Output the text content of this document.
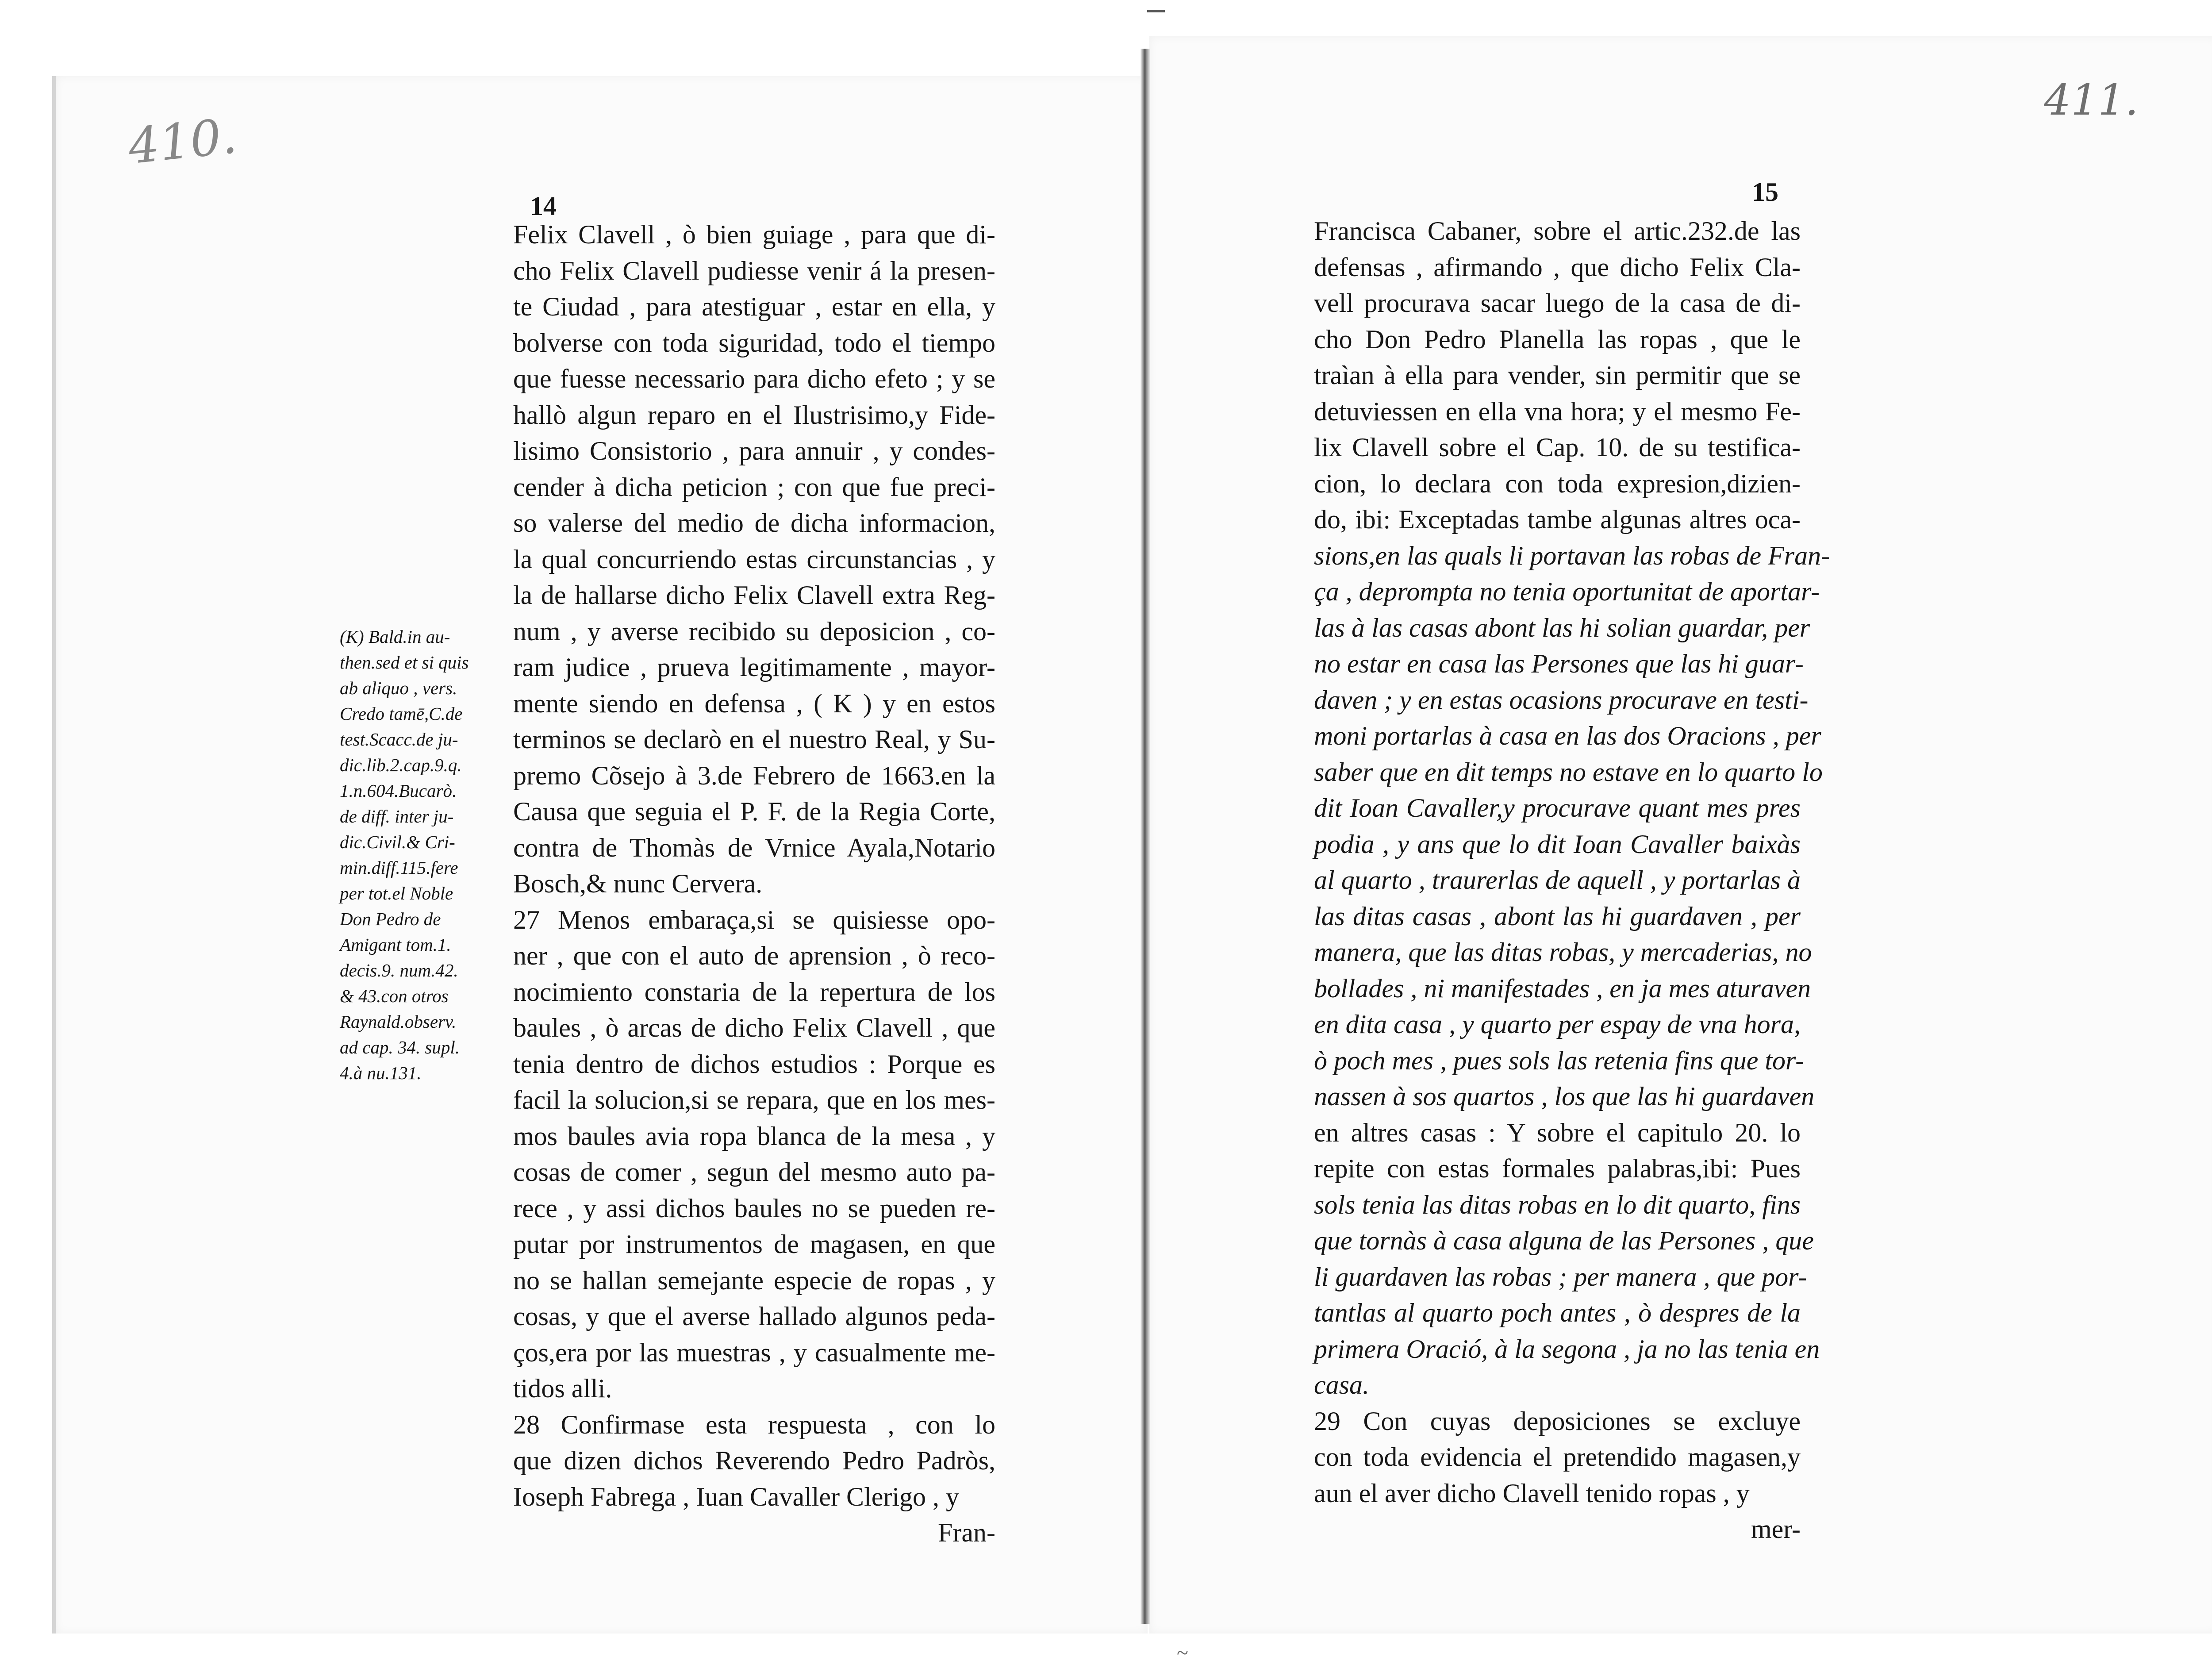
~
410.
411.
14	15
Felix Clavell , ò bien guiage , para que di-
cho Felix Clavell pudiesse venir á la presen-
te Ciudad , para atestiguar , estar en ella, y
bolverse con toda siguridad, todo el tiempo
que fuesse necessario para dicho efeto ; y se
hallò algun reparo en el Ilustrisimo,y Fide-
lisimo Consistorio , para annuir , y condes-
cender à dicha peticion ; con que fue preci-
so valerse del medio de dicha informacion,
la qual concurriendo estas circunstancias , y
la de hallarse dicho Felix Clavell extra Reg-
num , y averse recibido su deposicion , co-
ram judice , prueva legitimamente , mayor-
mente siendo en defensa , ( K ) y en estos
terminos se declarò en el nuestro Real, y Su-
premo Cõsejo à 3.de Febrero de 1663.en la
Causa que seguia el P. F. de la Regia Corte,
contra de Thomàs de Vrnice Ayala,Notario
Bosch,& nunc Cervera.
27 Menos embaraça,si se quisiesse opo-
ner , que con el auto de aprension , ò reco-
nocimiento constaria de la repertura de los
baules , ò arcas de dicho Felix Clavell , que
tenia dentro de dichos estudios : Porque es
facil la solucion,si se repara, que en los mes-
mos baules avia ropa blanca de la mesa , y
cosas de comer , segun del mesmo auto pa-
rece , y assi dichos baules no se pueden re-
putar por instrumentos de magasen, en que
no se hallan semejante especie de ropas , y
cosas, y que el averse hallado algunos peda-
ços,era por las muestras , y casualmente me-
tidos alli.
28 Confirmase esta respuesta , con lo
que dizen dichos Reverendo Pedro Padròs,
Ioseph Fabrega , Iuan Cavaller Clerigo , y
Fran-
(K) Bald.in au-
then.sed et si quis
ab aliquo , vers.
Credo tamē,C.de
test.Scacc.de ju-
dic.lib.2.cap.9.q.
1.n.604.Bucarò.
de diff. inter ju-
dic.Civil.& Cri-
min.diff.115.fere
per tot.el Noble
Don Pedro de
Amigant tom.1.
decis.9. num.42.
& 43.con otros
Raynald.observ.
ad cap. 34. supl.
4.à nu.131.
Francisca Cabaner, sobre el artic.232.de las
defensas , afirmando , que dicho Felix Cla-
vell procurava sacar luego de la casa de di-
cho Don Pedro Planella las ropas , que le
traìan à ella para vender, sin permitir que se
detuviessen en ella vna hora; y el mesmo Fe-
lix Clavell sobre el Cap. 10. de su testifica-
cion, lo declara con toda expresion,dizien-
do, ibi: Exceptadas tambe algunas altres oca-
sions,en las quals li portavan las robas de Fran-
ça , deprompta no tenia oportunitat de aportar-
las à las casas abont las hi solian guardar, per
no estar en casa las Persones que las hi guar-
daven ; y en estas ocasions procurave en testi-
moni portarlas à casa en las dos Oracions , per
saber que en dit temps no estave en lo quarto lo
dit Ioan Cavaller,y procurave quant mes pres
podia , y ans que lo dit Ioan Cavaller baixàs
al quarto , traurerlas de aquell , y portarlas à
las ditas casas , abont las hi guardaven , per
manera, que las ditas robas, y mercaderias, no
bollades , ni manifestades , en ja mes aturaven
en dita casa , y quarto per espay de vna hora,
ò poch mes , pues sols las retenia fins que tor-
nassen à sos quartos , los que las hi guardaven
en altres casas : Y sobre el capitulo 20. lo
repite con estas formales palabras,ibi: Pues
sols tenia las ditas robas en lo dit quarto, fins
que tornàs à casa alguna de las Persones , que
li guardaven las robas ; per manera , que por-
tantlas al quarto poch antes , ò despres de la
primera Oració, à la segona , ja no las tenia en
casa.
29 Con cuyas deposiciones se excluye
con toda evidencia el pretendido magasen,y
aun el aver dicho Clavell tenido ropas , y
mer-
